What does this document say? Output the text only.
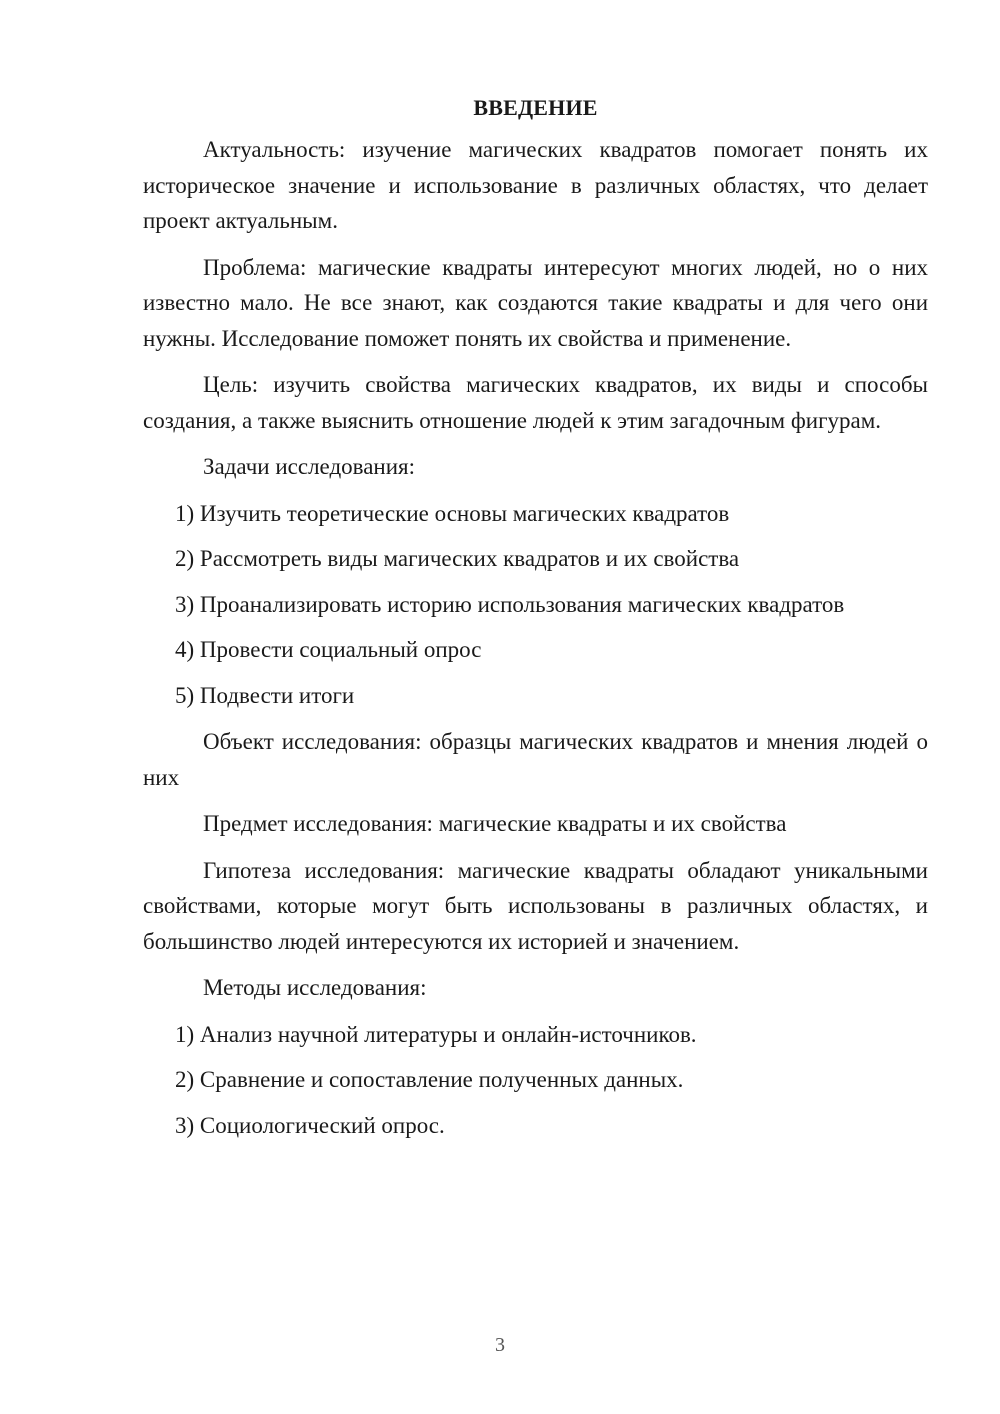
ВВЕДЕНИЕ

Актуальность: изучение магических квадратов помогает понять их историческое значение и использование в различных областях, что делает проект актуальным.

Проблема: магические квадраты интересуют многих людей, но о них известно мало. Не все знают, как создаются такие квадраты и для чего они нужны. Исследование поможет понять их свойства и применение.

Цель: изучить свойства магических квадратов, их виды и способы создания, а также выяснить отношение людей к этим загадочным фигурам.

Задачи исследования:

1) Изучить теоретические основы магических квадратов
2) Рассмотреть виды магических квадратов и их свойства
3) Проанализировать историю использования магических квадратов
4) Провести социальный опрос
5) Подвести итоги

Объект исследования: образцы магических квадратов и мнения людей о них

Предмет исследования: магические квадраты и их свойства

Гипотеза исследования: магические квадраты обладают уникальными свойствами, которые могут быть использованы в различных областях, и большинство людей интересуются их историей и значением.

Методы исследования:

1) Анализ научной литературы и онлайн-источников.
2) Сравнение и сопоставление полученных данных.
3) Социологический опрос.
3
